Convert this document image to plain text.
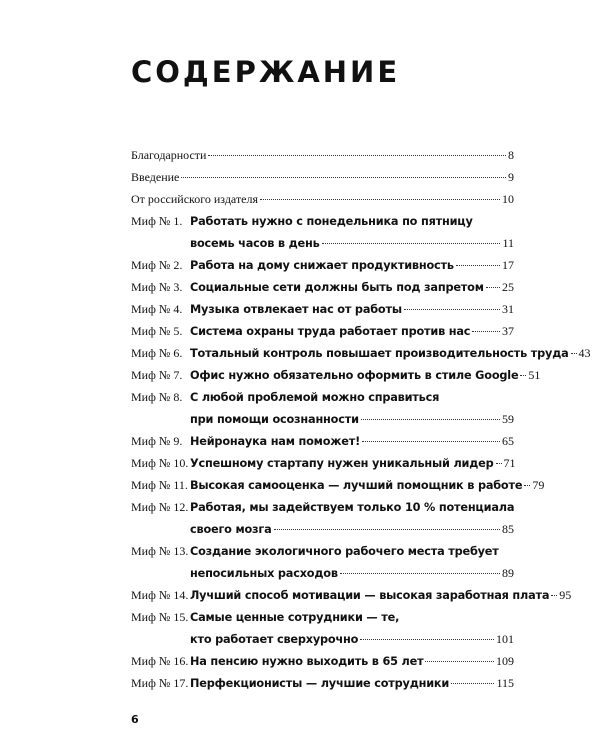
СОДЕРЖАНИЕ
Благодарности	8
Введение	9
От российского издателя	10
Миф № 1. Работать нужно с понедельника по пятницу
восемь часов в день	11
Миф № 2. Работа на дому снижает продуктивность	17
Миф № 3. Социальные сети должны быть под запретом 25
Миф № 4. Музыка отвлекает нас от работы	31
Миф № 5. Система охраны труда работает против нас	37
Миф № 6. Тотальный контроль повышает производительность труда 43
Миф № 7. Офис нужно обязательно оформить в стиле Google 51
Миф № 8. С любой проблемой можно справиться
при помощи осознанности	59
Миф № 9. Нейронаука нам поможет!	65
Миф № 10. Успешному стартапу нужен уникальный лидер 71
Миф № 11. Высокая самооценка — лучший помощник в работе 79
Миф № 12. Работая, мы задействуем только 10 % потенциала
своего мозга	85
Миф № 13. Создание экологичного рабочего места требует
непосильных расходов	89
Миф № 14. Лучший способ мотивации — высокая заработная плата 95
Миф № 15. Самые ценные сотрудники — те,
кто работает сверхурочно	101
Миф № 16. На пенсию нужно выходить в 65 лет	109
Миф № 17. Перфекционисты — лучшие сотрудники	115
6
